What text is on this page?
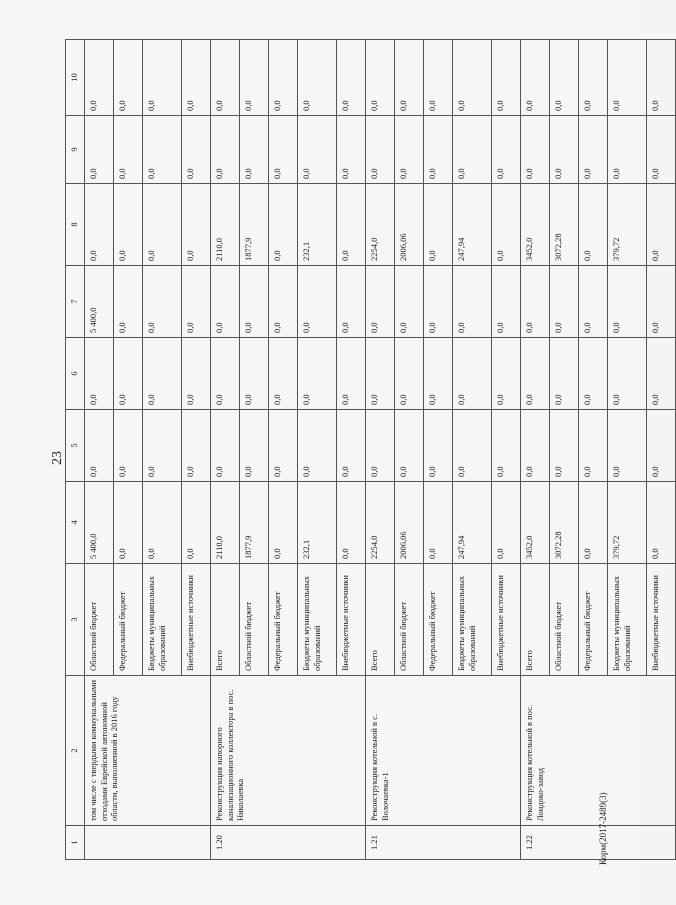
23
1	2	3	4	5	6	7	8	9	10
	том числе с твердыми коммунальными отходами Еврейской автономной области, выполненной в 2016 году	Областной бюджет	5 400,0	0,0	0,0	5 400,0	0,0	0,0	0,0
		Федеральный бюджет	0,0	0,0	0,0	0,0	0,0	0,0	0,0
		Бюджеты муниципальных образований	0,0	0,0	0,0	0,0	0,0	0,0	0,0
		Внебюджетные источники	0,0	0,0	0,0	0,0	0,0	0,0	0,0
1.20	Реконструкция напорного канализационного коллектора в пос. Николаевка	Всего	2110,0	0,0	0,0	0,0	2110,0	0,0	0,0
		Областной бюджет	1877,9	0,0	0,0	0,0	1877,9	0,0	0,0
		Федеральный бюджет	0,0	0,0	0,0	0,0	0,0	0,0	0,0
		Бюджеты муниципальных образований	232,1	0,0	0,0	0,0	232,1	0,0	0,0
		Внебюджетные источники	0,0	0,0	0,0	0,0	0,0	0,0	0,0
1.21	Реконструкция котельной в с. Волочаевка-1	Всего	2254,0	0,0	0,0	0,0	2254,0	0,0	0,0
		Областной бюджет	2006,06	0,0	0,0	0,0	2006,06	0,0	0,0
		Федеральный бюджет	0,0	0,0	0,0	0,0	0,0	0,0	0,0
		Бюджеты муниципальных образований	247,94	0,0	0,0	0,0	247,94	0,0	0,0
		Внебюджетные источники	0,0	0,0	0,0	0,0	0,0	0,0	0,0
1.22	Реконструкция котельной в пос. Лондоко-завод	Всего	3452,0	0,0	0,0	0,0	3452,0	0,0	0,0
		Областной бюджет	3072,28	0,0	0,0	0,0	3072,28	0,0	0,0
		Федеральный бюджет	0,0	0,0	0,0	0,0	0,0	0,0	0,0
		Бюджеты муниципальных образований	379,72	0,0	0,0	0,0	379,72	0,0	0,0
		Внебюджетные источники	0,0	0,0	0,0	0,0	0,0	0,0	0,0
Корм(2017-2489(3)
